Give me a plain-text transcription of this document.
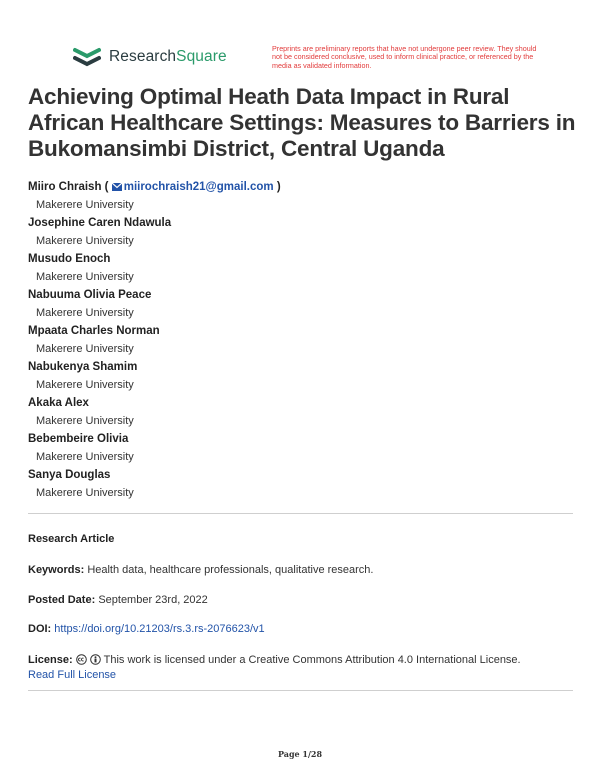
ResearchSquare	Preprints are preliminary reports that have not undergone peer review. They should not be considered conclusive, used to inform clinical practice, or referenced by the media as validated information.
Achieving Optimal Heath Data Impact in Rural African Healthcare Settings: Measures to Barriers in Bukomansimbi District, Central Uganda
Miiro Chraish ( miirochraish21@gmail.com )
Makerere University
Josephine Caren Ndawula
Makerere University
Musudo Enoch
Makerere University
Nabuuma Olivia Peace
Makerere University
Mpaata Charles Norman
Makerere University
Nabukenya Shamim
Makerere University
Akaka Alex
Makerere University
Bebembeire Olivia
Makerere University
Sanya Douglas
Makerere University
Research Article
Keywords: Health data, healthcare professionals, qualitative research.
Posted Date: September 23rd, 2022
DOI: https://doi.org/10.21203/rs.3.rs-2076623/v1
License:	This work is licensed under a Creative Commons Attribution 4.0 International License.
Read Full License
Page 1/28
